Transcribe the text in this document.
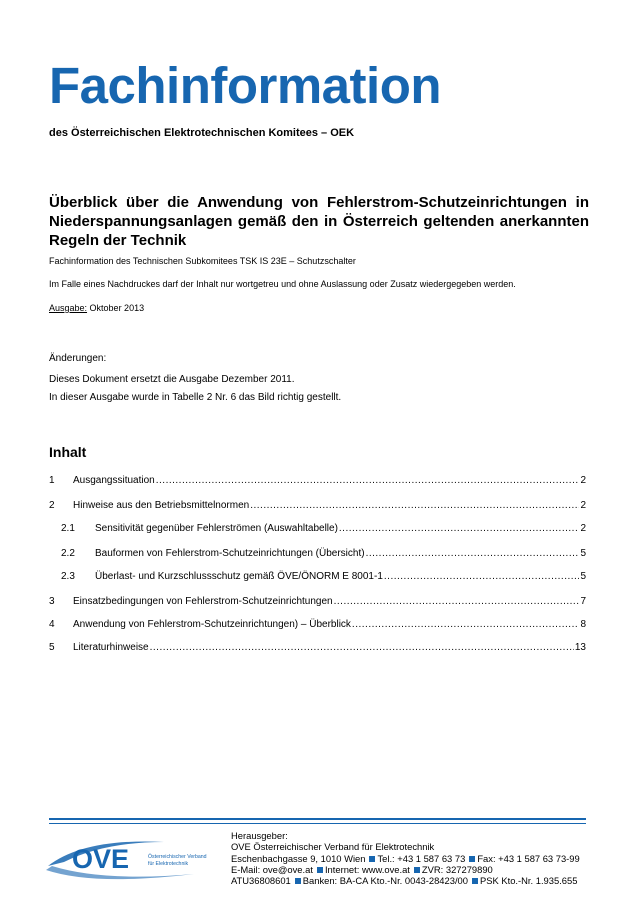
Fachinformation
des Österreichischen Elektrotechnischen Komitees – OEK
Überblick über die Anwendung von Fehlerstrom-Schutzeinrichtungen in
Niederspannungsanlagen gemäß den in Österreich geltenden anerkannten
Regeln der Technik
Fachinformation des Technischen Subkomitees TSK IS 23E – Schutzschalter
Im Falle eines Nachdruckes darf der Inhalt nur wortgetreu und ohne Auslassung oder Zusatz wiedergegeben werden.
Ausgabe: Oktober 2013
Änderungen:
Dieses Dokument ersetzt die Ausgabe Dezember 2011.
In dieser Ausgabe wurde in Tabelle 2 Nr. 6 das Bild richtig gestellt.
Inhalt
1	Ausgangssituation .....	2
2	Hinweise aus den Betriebsmittelnormen .....	2
2.1	Sensitivität gegenüber Fehlerströmen (Auswahltabelle) .....	2
2.2	Bauformen von Fehlerstrom-Schutzeinrichtungen (Übersicht) .....	5
2.3	Überlast- und Kurzschlussschutz gemäß ÖVE/ÖNORM E 8001-1 .....	5
3	Einsatzbedingungen von Fehlerstrom-Schutzeinrichtungen .....	7
4	Anwendung von Fehlerstrom-Schutzeinrichtungen) – Überblick .....	8
5	Literaturhinweise .....	13
OVE	Österreichischer Verband
für Elektrotechnik
Herausgeber:
OVE Österreichischer Verband für Elektrotechnik
Eschenbachgasse 9, 1010 Wien Tel.: +43 1 587 63 73 Fax: +43 1 587 63 73-99
E-Mail: ove@ove.at Internet: www.ove.at ZVR: 327279890
ATU36808601 Banken: BA-CA Kto.-Nr. 0043-28423/00 PSK Kto.-Nr. 1.935.655
